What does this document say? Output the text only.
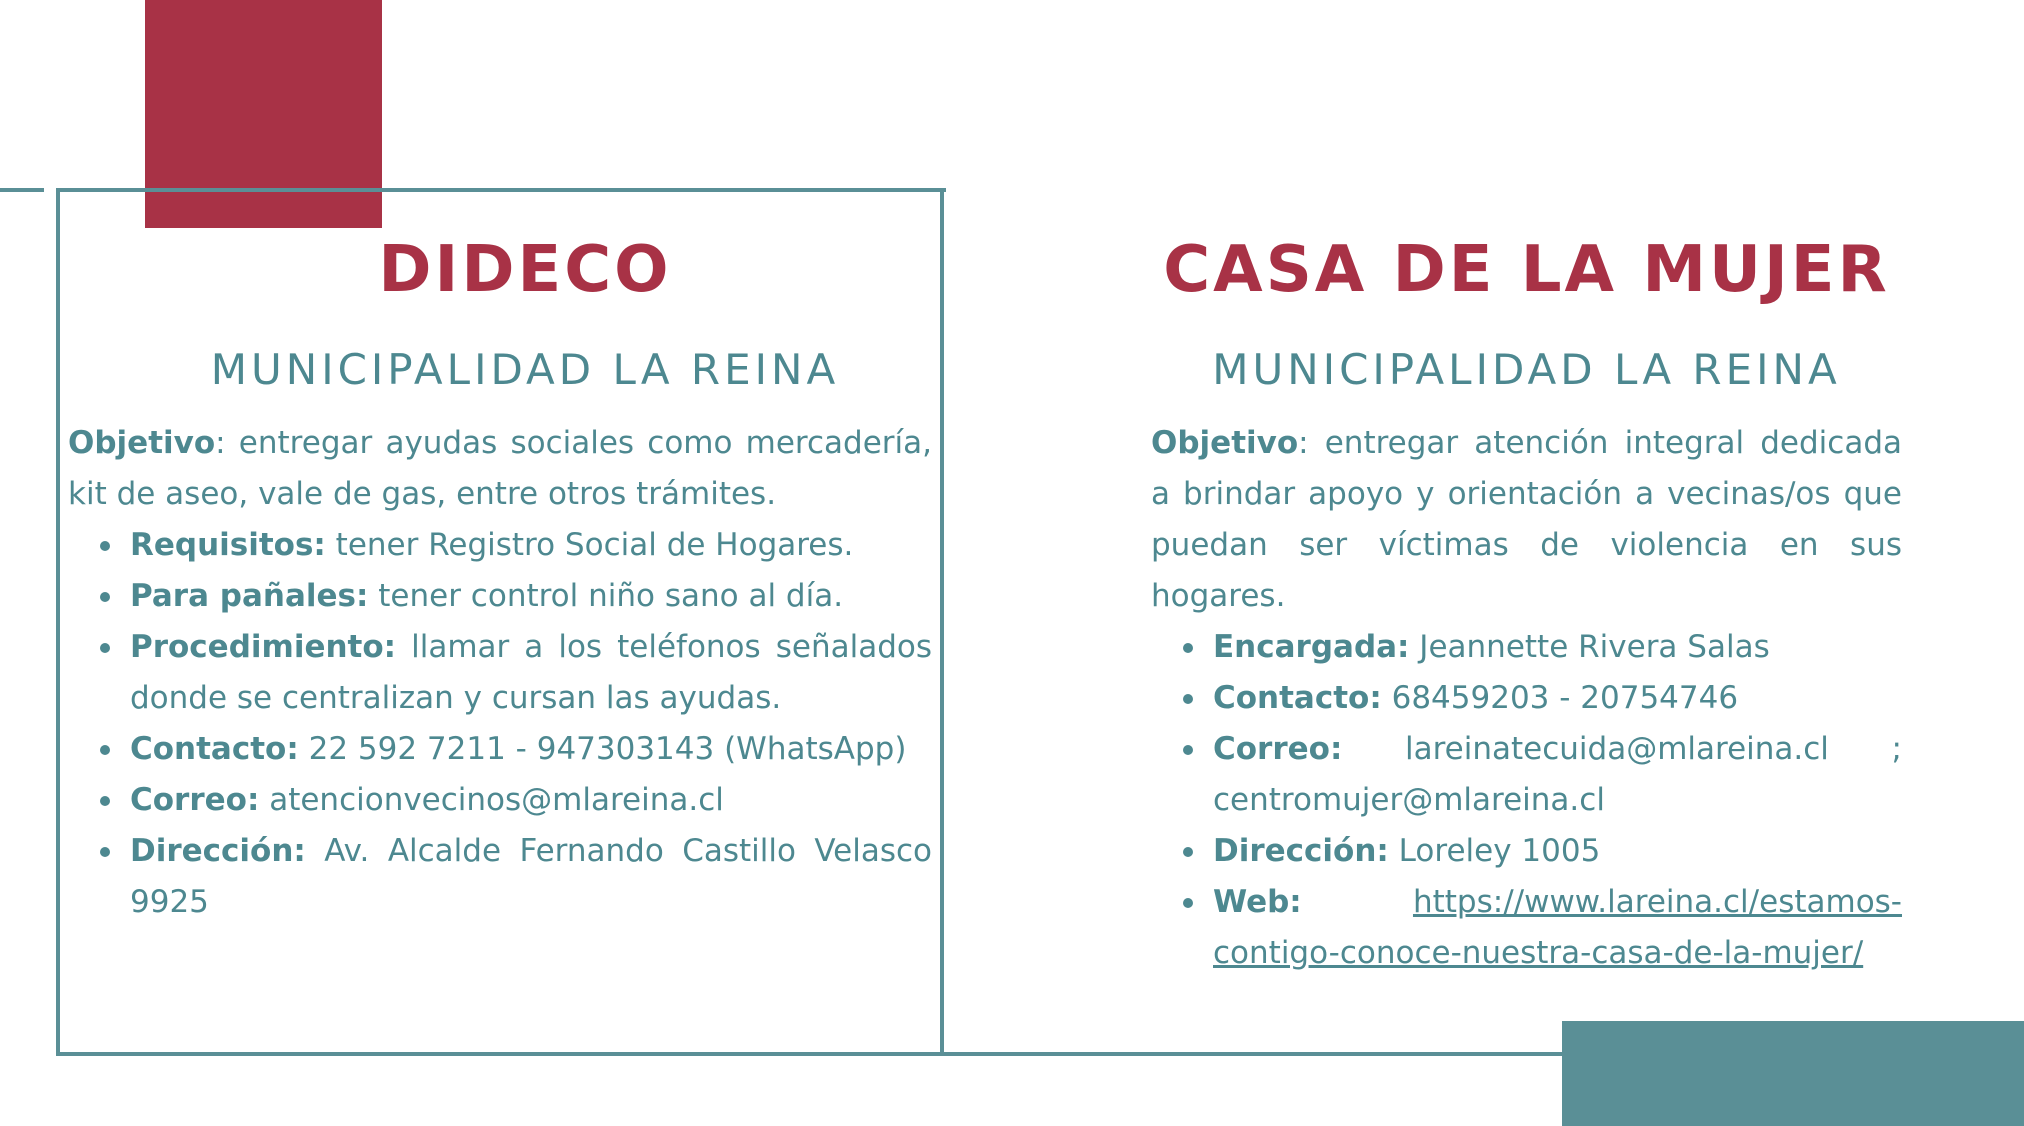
DIDECO
MUNICIPALIDAD LA REINA

Objetivo: entregar ayudas sociales como mercadería, kit de aseo, vale de gas, entre otros trámites.

Requisitos: tener Registro Social de Hogares.
Para pañales: tener control niño sano al día.
Procedimiento: llamar a los teléfonos señalados donde se centralizan y cursan las ayudas.
Contacto: 22 592 7211 - 947303143 (WhatsApp)
Correo: atencionvecinos@mlareina.cl
Dirección: Av. Alcalde Fernando Castillo Velasco 9925
CASA DE LA MUJER
MUNICIPALIDAD LA REINA

Objetivo: entregar atención integral dedicada a brindar apoyo y orientación a vecinas/os que puedan ser víctimas de violencia en sus hogares.

Encargada: Jeannette Rivera Salas
Contacto: 68459203 - 20754746
Correo: lareinatecuida@mlareina.cl ; centromujer@mlareina.cl
Dirección: Loreley 1005
Web:	https://www.lareina.cl/estamos-contigo-conoce-nuestra-casa-de-la-mujer/
